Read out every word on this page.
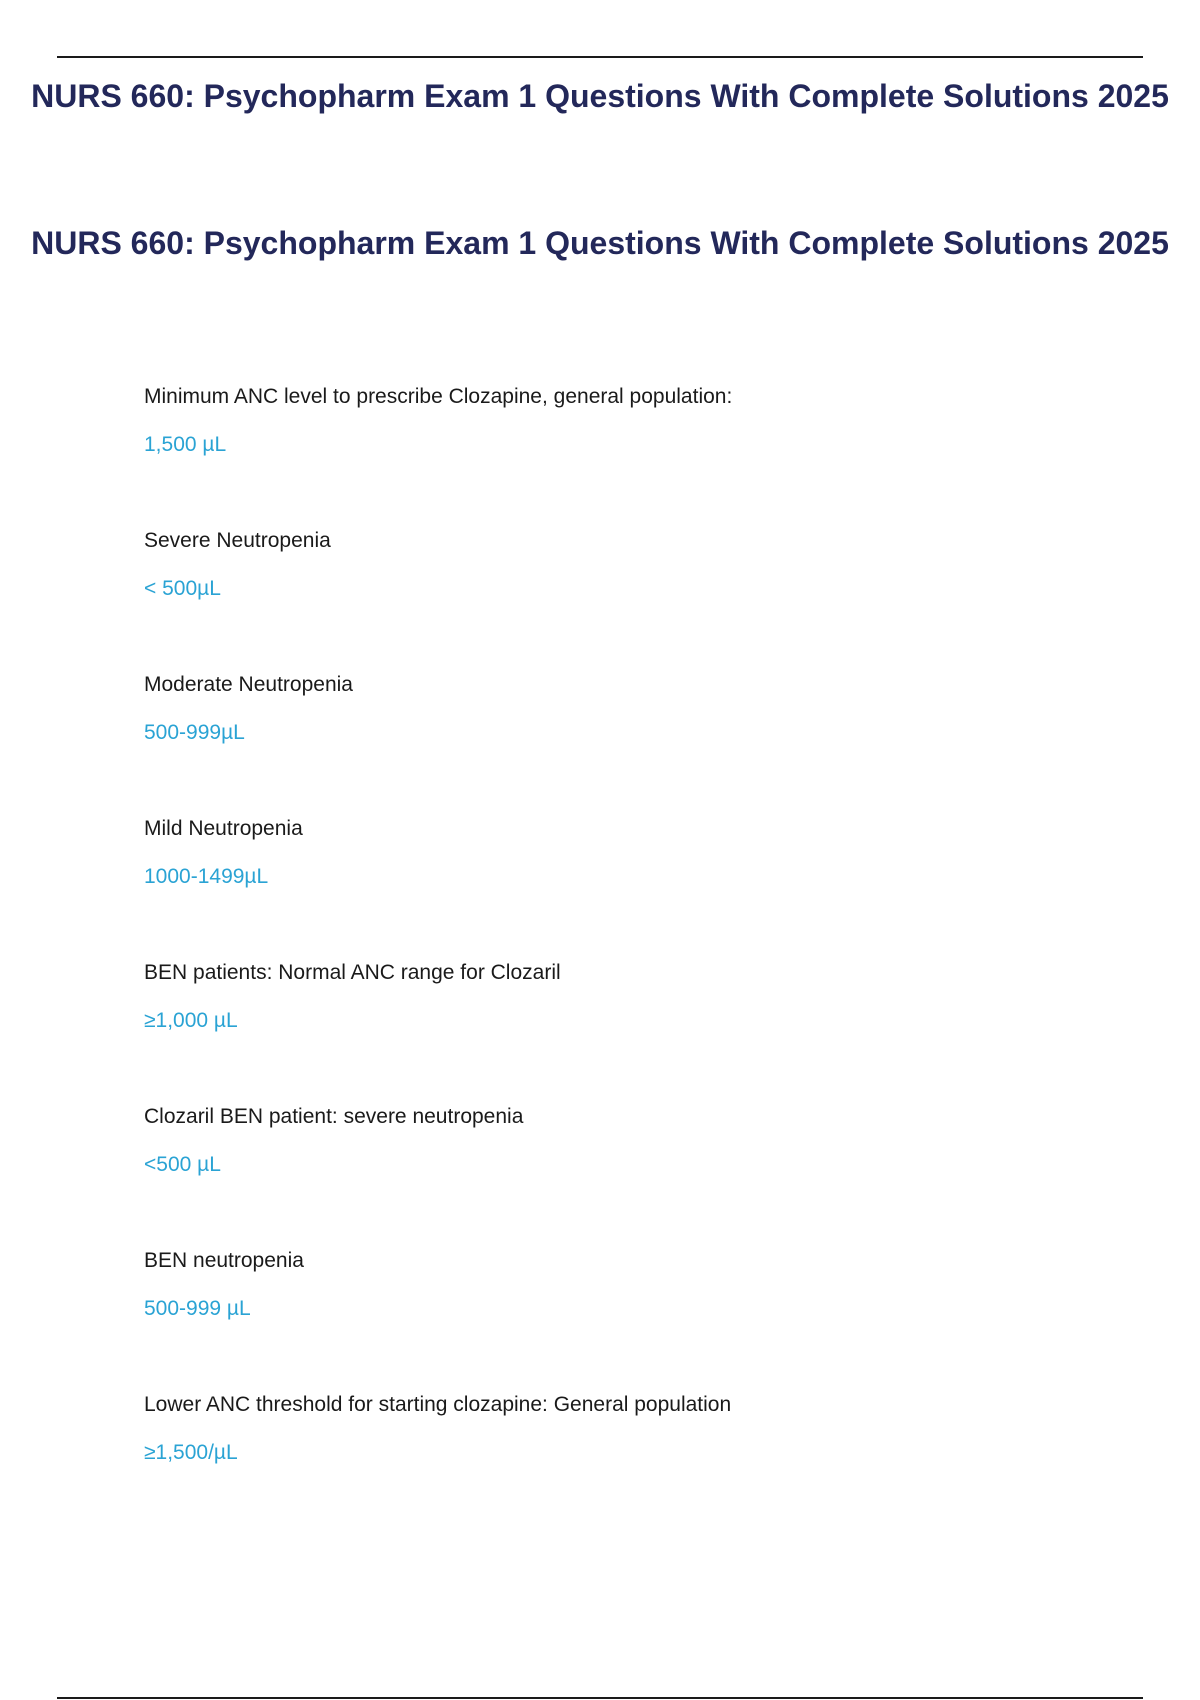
NURS 660: Psychopharm Exam 1 Questions With Complete Solutions 2025
NURS 660: Psychopharm Exam 1 Questions With Complete Solutions 2025
Minimum ANC level to prescribe Clozapine, general population:
1,500 µL
Severe Neutropenia
< 500µL
Moderate Neutropenia
500-999µL
Mild Neutropenia
1000-1499µL
BEN patients: Normal ANC range for Clozaril
≥1,000 µL
Clozaril BEN patient: severe neutropenia
<500 µL
BEN neutropenia
500-999 µL
Lower ANC threshold for starting clozapine: General population
≥1,500/µL
